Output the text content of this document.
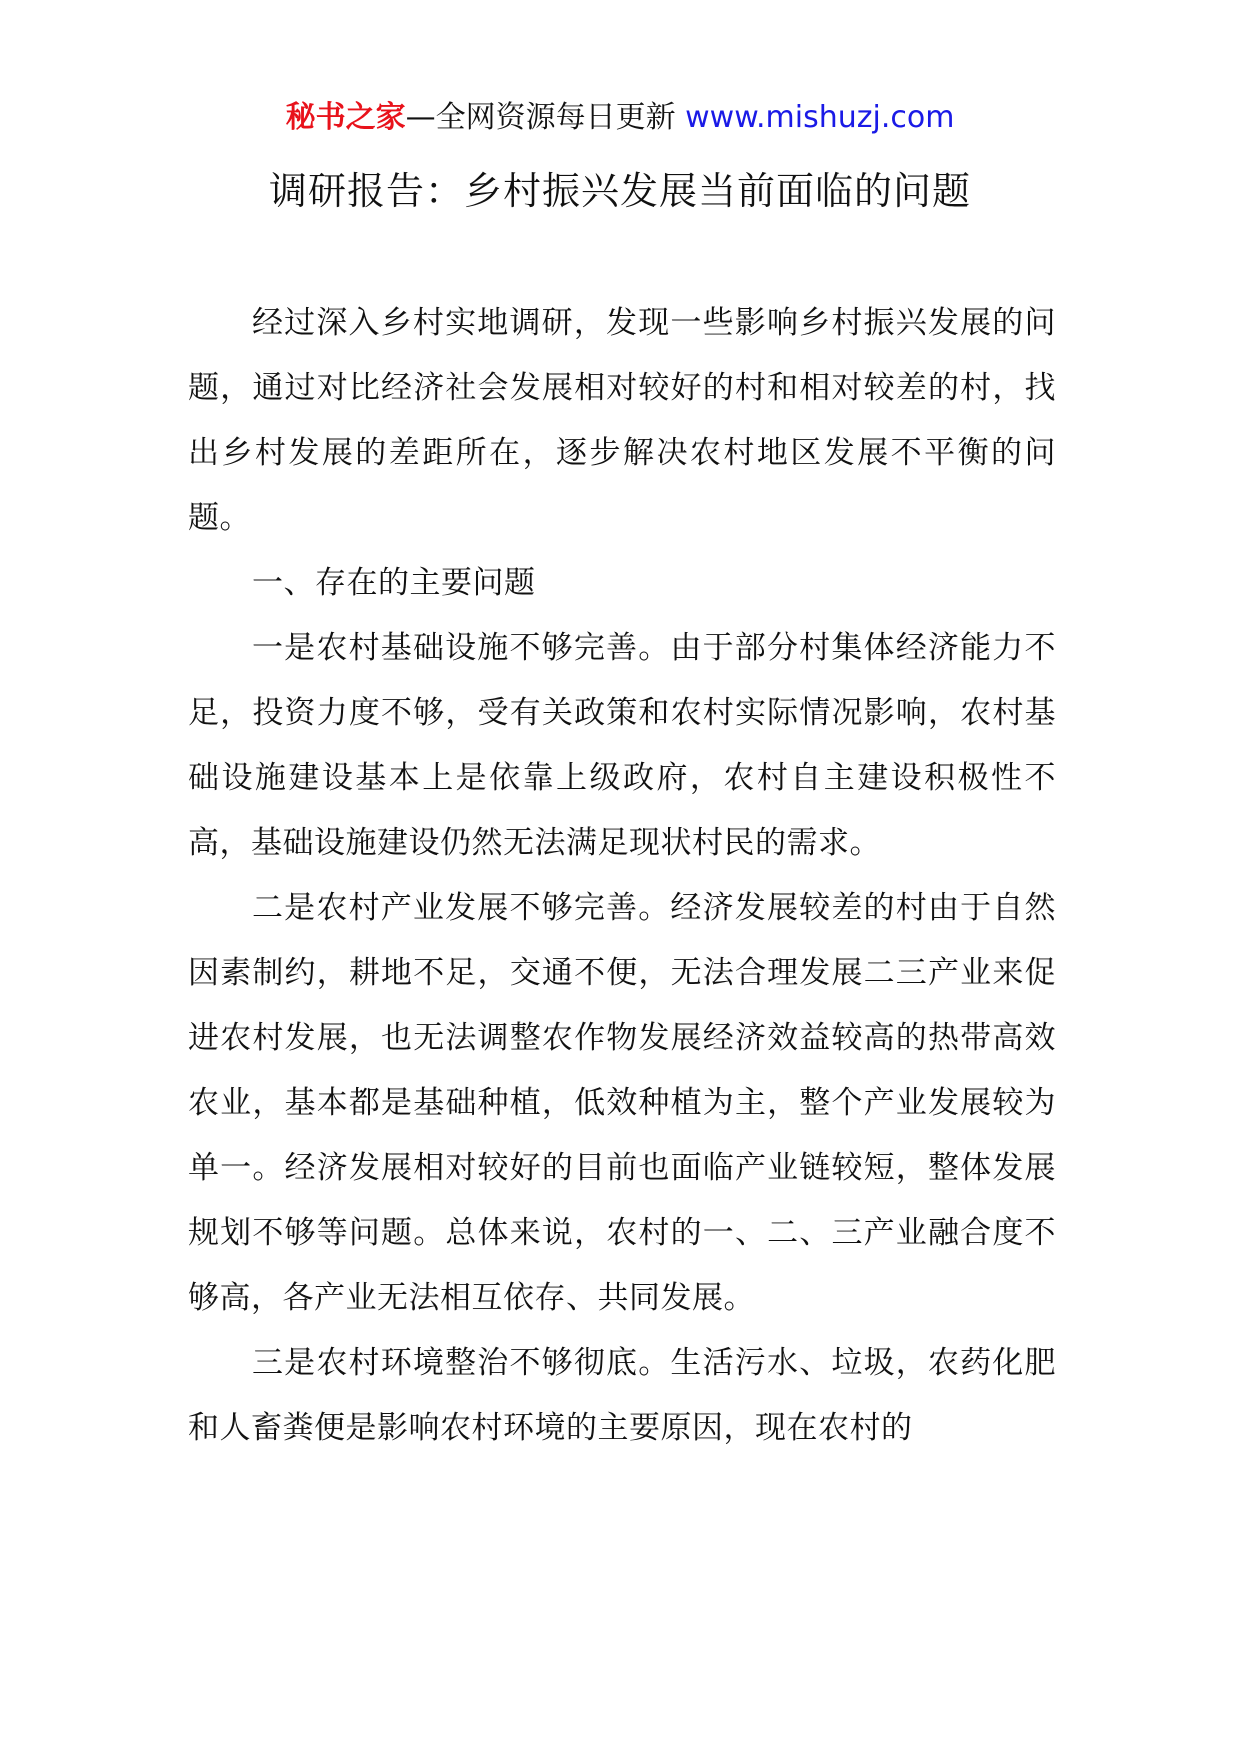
秘书之家—全网资源每日更新 www.mishuzj.com
调研报告：乡村振兴发展当前面临的问题

经过深入乡村实地调研，发现一些影响乡村振兴发展的问题，通过对比经济社会发展相对较好的村和相对较差的村，找出乡村发展的差距所在，逐步解决农村地区发展不平衡的问题。

一、存在的主要问题

一是农村基础设施不够完善。由于部分村集体经济能力不足，投资力度不够，受有关政策和农村实际情况影响，农村基础设施建设基本上是依靠上级政府，农村自主建设积极性不高，基础设施建设仍然无法满足现状村民的需求。

二是农村产业发展不够完善。经济发展较差的村由于自然因素制约，耕地不足，交通不便，无法合理发展二三产业来促进农村发展，也无法调整农作物发展经济效益较高的热带高效农业，基本都是基础种植，低效种植为主，整个产业发展较为单一。经济发展相对较好的目前也面临产业链较短，整体发展规划不够等问题。总体来说，农村的一、二、三产业融合度不够高，各产业无法相互依存、共同发展。

三是农村环境整治不够彻底。生活污水、垃圾，农药化肥和人畜粪便是影响农村环境的主要原因，现在农村的
